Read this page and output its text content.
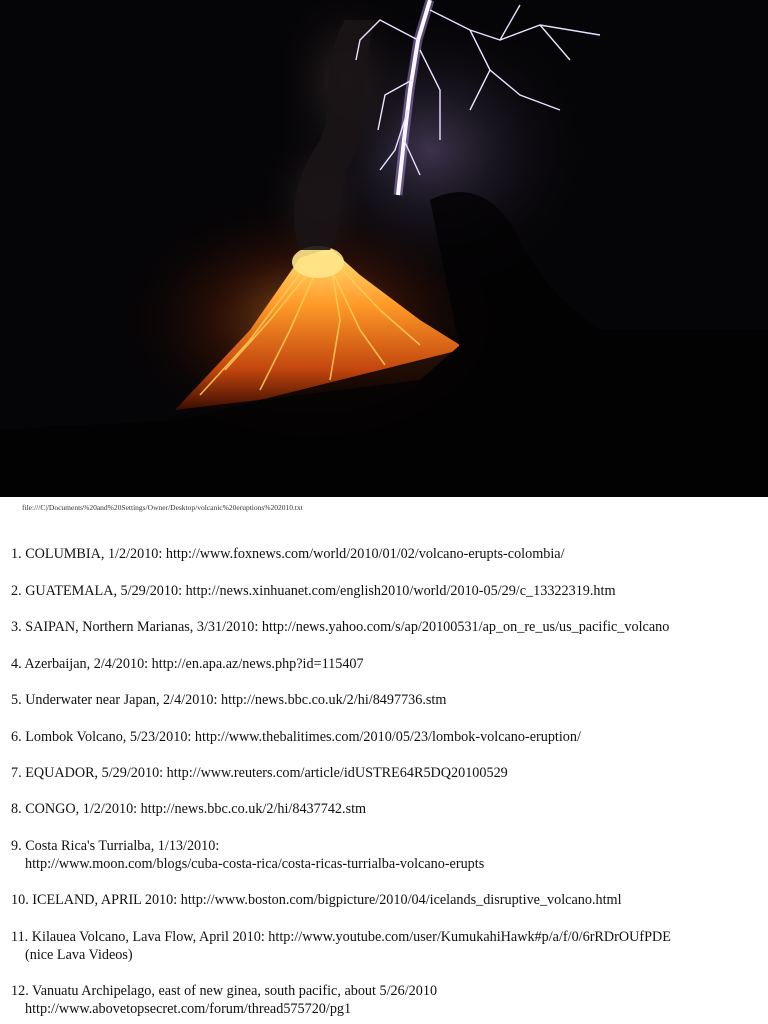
file:///C|/Documents%20and%20Settings/Owner/Desktop/volcanic%20eruptions%202010.txt
1. COLUMBIA, 1/2/2010: http://www.foxnews.com/world/2010/01/02/volcano-erupts-colombia/
2. GUATEMALA, 5/29/2010: http://news.xinhuanet.com/english2010/world/2010-05/29/c_13322319.htm
3. SAIPAN, Northern Marianas, 3/31/2010: http://news.yahoo.com/s/ap/20100531/ap_on_re_us/us_pacific_volcano
4. Azerbaijan, 2/4/2010: http://en.apa.az/news.php?id=115407
5. Underwater near Japan, 2/4/2010: http://news.bbc.co.uk/2/hi/8497736.stm
6. Lombok Volcano, 5/23/2010: http://www.thebalitimes.com/2010/05/23/lombok-volcano-eruption/
7. EQUADOR, 5/29/2010: http://www.reuters.com/article/idUSTRE64R5DQ20100529
8. CONGO, 1/2/2010: http://news.bbc.co.uk/2/hi/8437742.stm
9. Costa Rica's Turrialba, 1/13/2010:
http://www.moon.com/blogs/cuba-costa-rica/costa-ricas-turrialba-volcano-erupts
10. ICELAND, APRIL 2010: http://www.boston.com/bigpicture/2010/04/icelands_disruptive_volcano.html
11. Kilauea Volcano, Lava Flow, April 2010: http://www.youtube.com/user/KumukahiHawk#p/a/f/0/6rRDrOUfPDE
(nice Lava Videos)
12. Vanuatu Archipelago, east of new ginea, south pacific, about 5/26/2010
http://www.abovetopsecret.com/forum/thread575720/pg1
